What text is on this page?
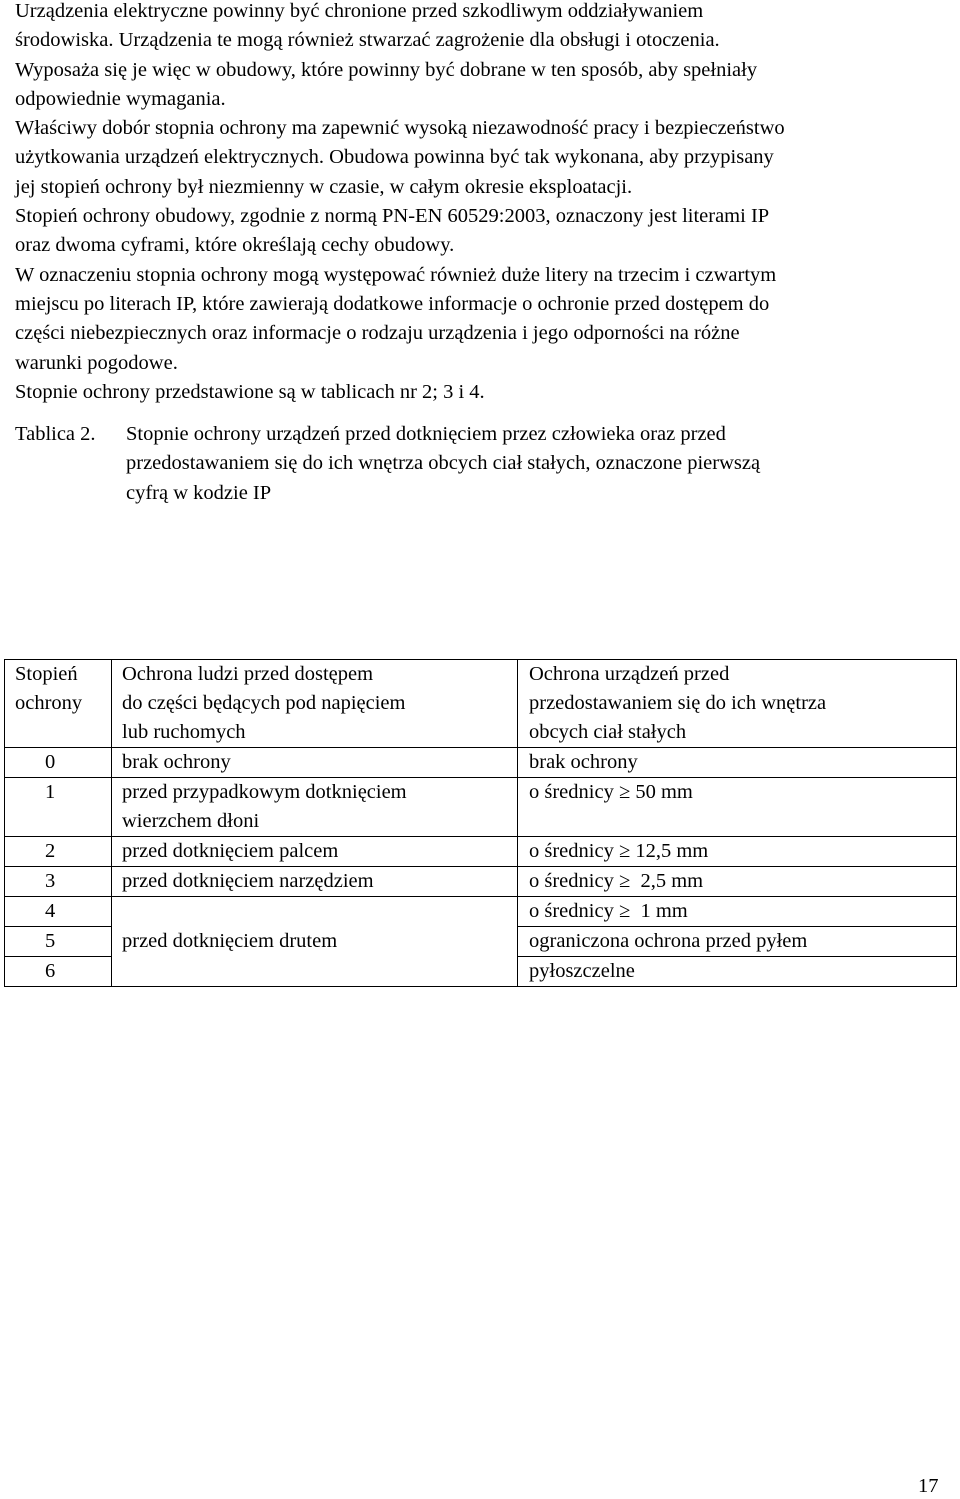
Urządzenia elektryczne powinny być chronione przed szkodliwym oddziaływaniem
środowiska. Urządzenia te mogą również stwarzać zagrożenie dla obsługi i otoczenia.
Wyposaża się je więc w obudowy, które powinny być dobrane w ten sposób, aby spełniały
odpowiednie wymagania.
Właściwy dobór stopnia ochrony ma zapewnić wysoką niezawodność pracy i bezpieczeństwo
użytkowania urządzeń elektrycznych. Obudowa powinna być tak wykonana, aby przypisany
jej stopień ochrony był niezmienny w czasie, w całym okresie eksploatacji.
Stopień ochrony obudowy, zgodnie z normą PN-EN 60529:2003, oznaczony jest literami IP
oraz dwoma cyframi, które określają cechy obudowy.
W oznaczeniu stopnia ochrony mogą występować również duże litery na trzecim i czwartym
miejscu po literach IP, które zawierają dodatkowe informacje o ochronie przed dostępem do
części niebezpiecznych oraz informacje o rodzaju urządzenia i jego odporności na różne
warunki pogodowe.
Stopnie ochrony przedstawione są w tablicach nr 2; 3 i 4.
Tablica 2. Stopnie ochrony urządzeń przed dotknięciem przez człowieka oraz przed
przedostawaniem się do ich wnętrza obcych ciał stałych, oznaczone pierwszą
cyfrą w kodzie IP
Stopień
ochrony	Ochrona ludzi przed dostępem
do części będących pod napięciem
lub ruchomych	Ochrona urządzeń przed
przedostawaniem się do ich wnętrza
obcych ciał stałych

0	brak ochrony	brak ochrony
1	przed przypadkowym dotknięciem
wierzchem dłoni	o średnicy ≥ 50 mm
2	przed dotknięciem palcem	o średnicy ≥ 12,5 mm
3	przed dotknięciem narzędziem	o średnicy ≥  2,5 mm
4	przed dotknięciem drutem	o średnicy ≥  1 mm
5		ograniczona ochrona przed pyłem
6		pyłoszczelne
17
